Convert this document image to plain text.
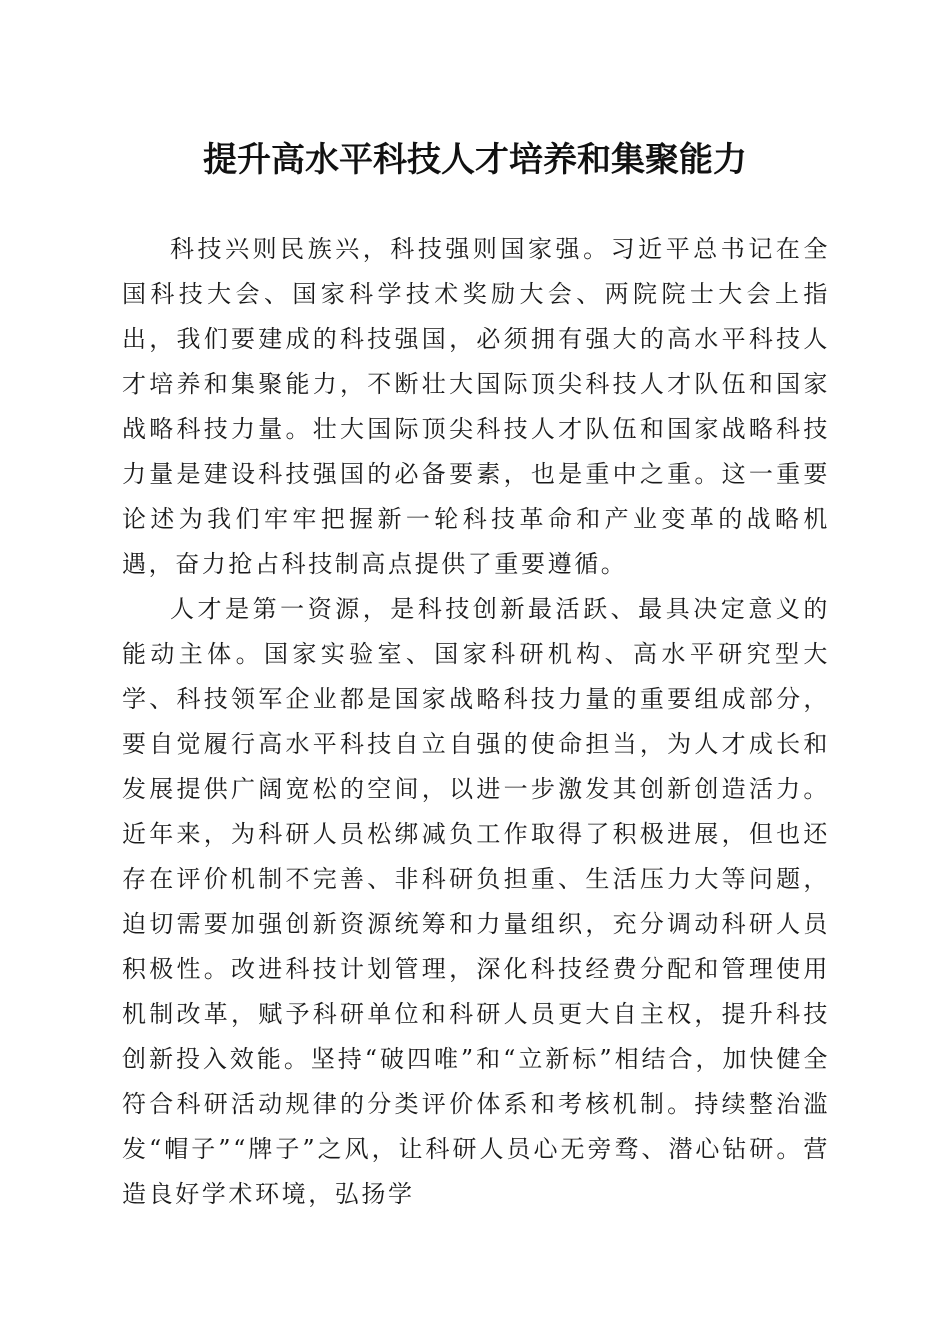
提升高水平科技人才培养和集聚能力

科技兴则民族兴，科技强则国家强。习近平总书记在全国科技大会、国家科学技术奖励大会、两院院士大会上指出，我们要建成的科技强国，必须拥有强大的高水平科技人才培养和集聚能力，不断壮大国际顶尖科技人才队伍和国家战略科技力量。壮大国际顶尖科技人才队伍和国家战略科技力量是建设科技强国的必备要素，也是重中之重。这一重要论述为我们牢牢把握新一轮科技革命和产业变革的战略机遇，奋力抢占科技制高点提供了重要遵循。

人才是第一资源，是科技创新最活跃、最具决定意义的能动主体。国家实验室、国家科研机构、高水平研究型大学、科技领军企业都是国家战略科技力量的重要组成部分，要自觉履行高水平科技自立自强的使命担当，为人才成长和发展提供广阔宽松的空间，以进一步激发其创新创造活力。近年来，为科研人员松绑减负工作取得了积极进展，但也还存在评价机制不完善、非科研负担重、生活压力大等问题，迫切需要加强创新资源统筹和力量组织，充分调动科研人员积极性。改进科技计划管理，深化科技经费分配和管理使用机制改革，赋予科研单位和科研人员更大自主权，提升科技创新投入效能。坚持“破四唯”和“立新标”相结合，加快健全符合科研活动规律的分类评价体系和考核机制。持续整治滥发“帽子”“牌子”之风，让科研人员心无旁骛、潜心钻研。营造良好学术环境，弘扬学
